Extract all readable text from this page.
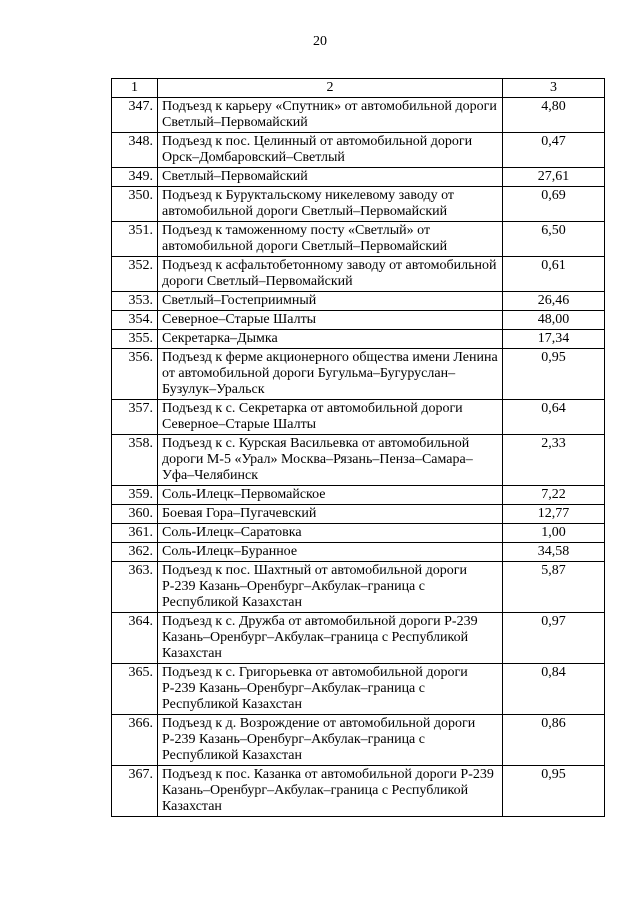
20
1	2	3
347.	Подъезд к карьеру «Спутник» от автомобильной дороги Светлый–Первомайский	4,80
348.	Подъезд к пос. Целинный от автомобильной дороги Орск–Домбаровский–Светлый	0,47
349.	Светлый–Первомайский	27,61
350.	Подъезд к Буруктальскому никелевому заводу от автомобильной дороги Светлый–Первомайский	0,69
351.	Подъезд к таможенному посту «Светлый» от автомобильной дороги Светлый–Первомайский	6,50
352.	Подъезд к асфальтобетонному заводу от автомобильной дороги Светлый–Первомайский	0,61
353.	Светлый–Гостеприимный	26,46
354.	Северное–Старые Шалты	48,00
355.	Секретарка–Дымка	17,34
356.	Подъезд к ферме акционерного общества имени Ленина от автомобильной дороги Бугульма–Бугуруслан–Бузулук–Уральск	0,95
357.	Подъезд к с. Секретарка от автомобильной дороги Северное–Старые Шалты	0,64
358.	Подъезд к с. Курская Васильевка от автомобильной дороги М-5 «Урал» Москва–Рязань–Пенза–Самара–Уфа–Челябинск	2,33
359.	Соль-Илецк–Первомайское	7,22
360.	Боевая Гора–Пугачевский	12,77
361.	Соль-Илецк–Саратовка	1,00
362.	Соль-Илецк–Буранное	34,58
363.	Подъезд к пос. Шахтный от автомобильной дороги Р-239 Казань–Оренбург–Акбулак–граница с Республикой Казахстан	5,87
364.	Подъезд к с. Дружба от автомобильной дороги Р-239 Казань–Оренбург–Акбулак–граница с Республикой Казахстан	0,97
365.	Подъезд к с. Григорьевка от автомобильной дороги Р-239 Казань–Оренбург–Акбулак–граница с Республикой Казахстан	0,84
366.	Подъезд к д. Возрождение от автомобильной дороги Р-239 Казань–Оренбург–Акбулак–граница с Республикой Казахстан	0,86
367.	Подъезд к пос. Казанка от автомобильной дороги Р-239 Казань–Оренбург–Акбулак–граница с Республикой Казахстан	0,95
